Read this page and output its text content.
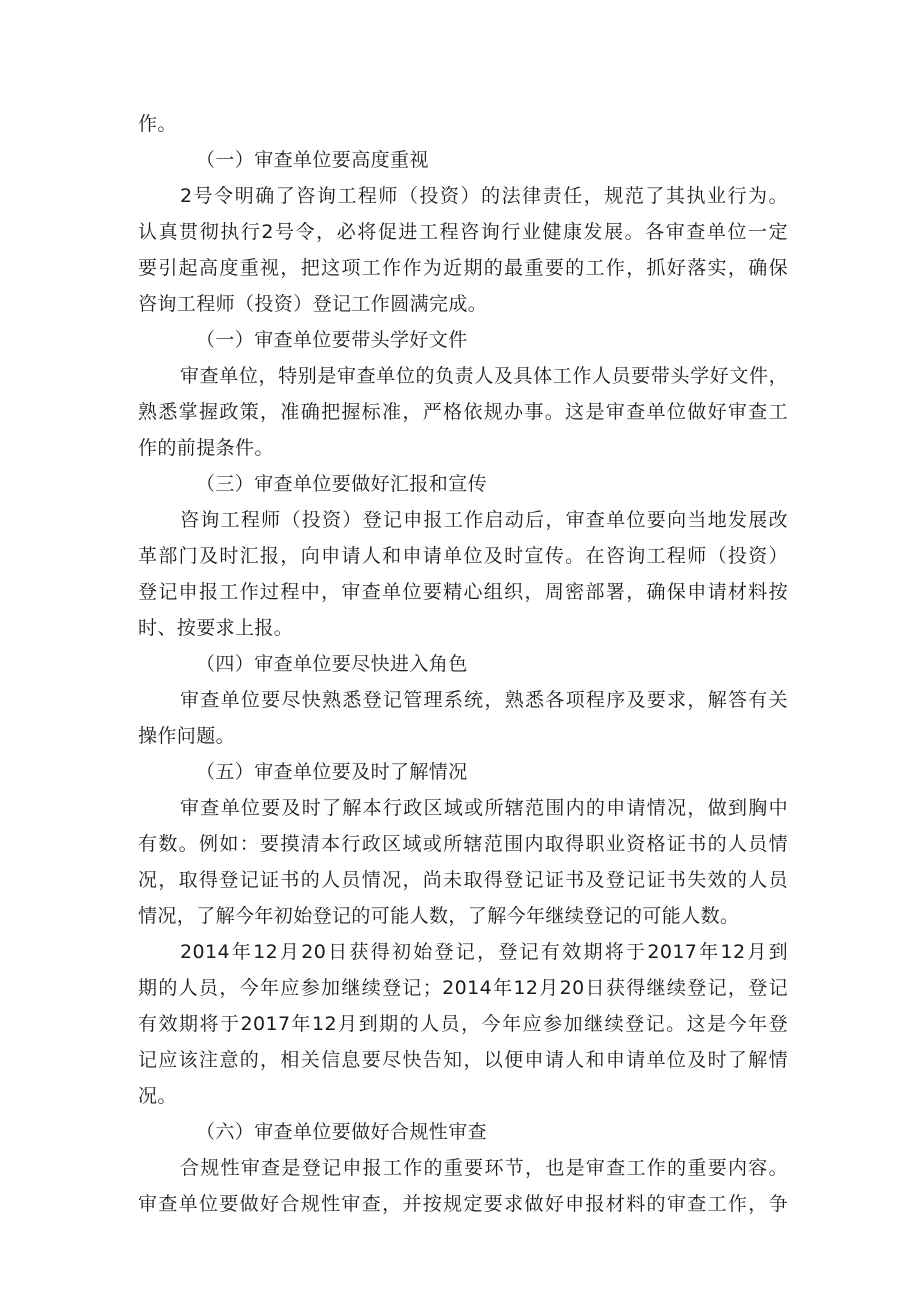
作。
（一）审查单位要高度重视
2号令明确了咨询工程师（投资）的法律责任，规范了其执业行为。
认真贯彻执行2号令，必将促进工程咨询行业健康发展。各审查单位一定
要引起高度重视，把这项工作作为近期的最重要的工作，抓好落实，确保
咨询工程师（投资）登记工作圆满完成。
（一）审查单位要带头学好文件
审查单位，特别是审查单位的负责人及具体工作人员要带头学好文件，
熟悉掌握政策，准确把握标准，严格依规办事。这是审查单位做好审查工
作的前提条件。
（三）审查单位要做好汇报和宣传
咨询工程师（投资）登记申报工作启动后，审查单位要向当地发展改
革部门及时汇报，向申请人和申请单位及时宣传。在咨询工程师（投资）
登记申报工作过程中，审查单位要精心组织，周密部署，确保申请材料按
时、按要求上报。
（四）审查单位要尽快进入角色
审查单位要尽快熟悉登记管理系统，熟悉各项程序及要求，解答有关
操作问题。
（五）审查单位要及时了解情况
审查单位要及时了解本行政区域或所辖范围内的申请情况，做到胸中
有数。例如：要摸清本行政区域或所辖范围内取得职业资格证书的人员情
况，取得登记证书的人员情况，尚未取得登记证书及登记证书失效的人员
情况，了解今年初始登记的可能人数，了解今年继续登记的可能人数。
2014年12月20日获得初始登记，登记有效期将于2017年12月到
期的人员，今年应参加继续登记；2014年12月20日获得继续登记，登记
有效期将于2017年12月到期的人员，今年应参加继续登记。这是今年登
记应该注意的，相关信息要尽快告知，以便申请人和申请单位及时了解情
况。
（六）审查单位要做好合规性审查
合规性审查是登记申报工作的重要环节，也是审查工作的重要内容。
审查单位要做好合规性审查，并按规定要求做好申报材料的审查工作，争
